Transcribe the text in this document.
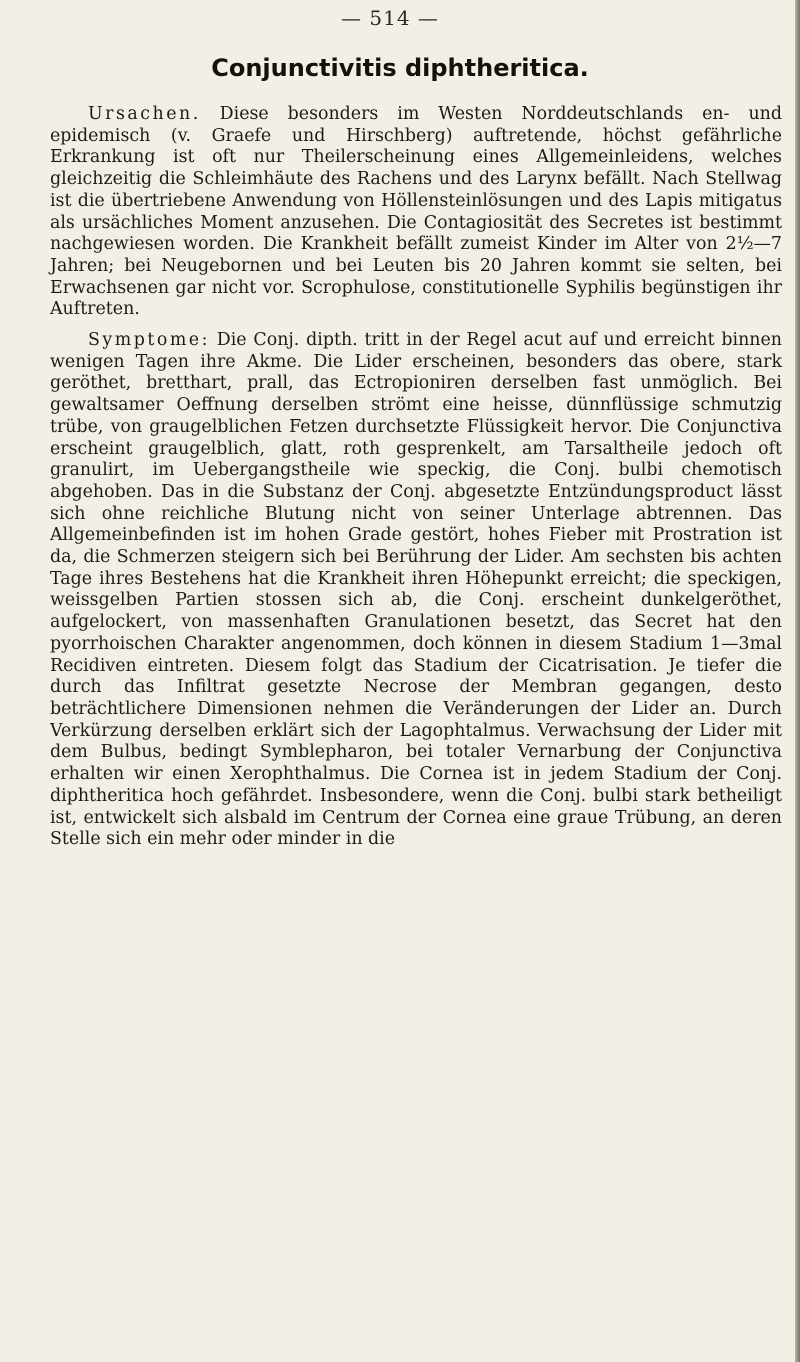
— 514 —
Conjunctivitis diphtheritica.

Ursachen. Diese besonders im Westen Norddeutschlands en- und epidemisch (v. Graefe und Hirschberg) auftretende, höchst gefährliche Erkrankung ist oft nur Theilerscheinung eines Allgemeinleidens, welches gleichzeitig die Schleimhäute des Rachens und des Larynx befällt. Nach Stellwag ist die übertriebene Anwendung von Höllensteinlösungen und des Lapis mitigatus als ursächliches Moment anzusehen. Die Contagiosität des Secretes ist bestimmt nachgewiesen worden. Die Krankheit befällt zumeist Kinder im Alter von 2½—7 Jahren; bei Neugebornen und bei Leuten bis 20 Jahren kommt sie selten, bei Erwachsenen gar nicht vor. Scrophulose, constitutionelle Syphilis begünstigen ihr Auftreten.

Symptome: Die Conj. dipth. tritt in der Regel acut auf und erreicht binnen wenigen Tagen ihre Akme. Die Lider erscheinen, besonders das obere, stark geröthet, bretthart, prall, das Ectropioniren derselben fast unmöglich. Bei gewaltsamer Oeffnung derselben strömt eine heisse, dünnflüssige schmutzig trübe, von graugelblichen Fetzen durchsetzte Flüssigkeit hervor. Die Conjunctiva erscheint graugelblich, glatt, roth gesprenkelt, am Tarsaltheile jedoch oft granulirt, im Uebergangstheile wie speckig, die Conj. bulbi chemotisch abgehoben. Das in die Substanz der Conj. abgesetzte Entzündungsproduct lässt sich ohne reichliche Blutung nicht von seiner Unterlage abtrennen. Das Allgemeinbefinden ist im hohen Grade gestört, hohes Fieber mit Prostration ist da, die Schmerzen steigern sich bei Berührung der Lider. Am sechsten bis achten Tage ihres Bestehens hat die Krankheit ihren Höhepunkt erreicht; die speckigen, weissgelben Partien stossen sich ab, die Conj. erscheint dunkelgeröthet, aufgelockert, von massenhaften Granulationen besetzt, das Secret hat den pyorrhoischen Charakter angenommen, doch können in diesem Stadium 1—3mal Recidiven eintreten. Diesem folgt das Stadium der Cicatrisation. Je tiefer die durch das Infiltrat gesetzte Necrose der Membran gegangen, desto beträchtlichere Dimensionen nehmen die Veränderungen der Lider an. Durch Verkürzung derselben erklärt sich der Lagophtalmus. Verwachsung der Lider mit dem Bulbus, bedingt Symblepharon, bei totaler Vernarbung der Conjunctiva erhalten wir einen Xerophthalmus. Die Cornea ist in jedem Stadium der Conj. diphtheritica hoch gefährdet. Insbesondere, wenn die Conj. bulbi stark betheiligt ist, entwickelt sich alsbald im Centrum der Cornea eine graue Trübung, an deren Stelle sich ein mehr oder minder in die
